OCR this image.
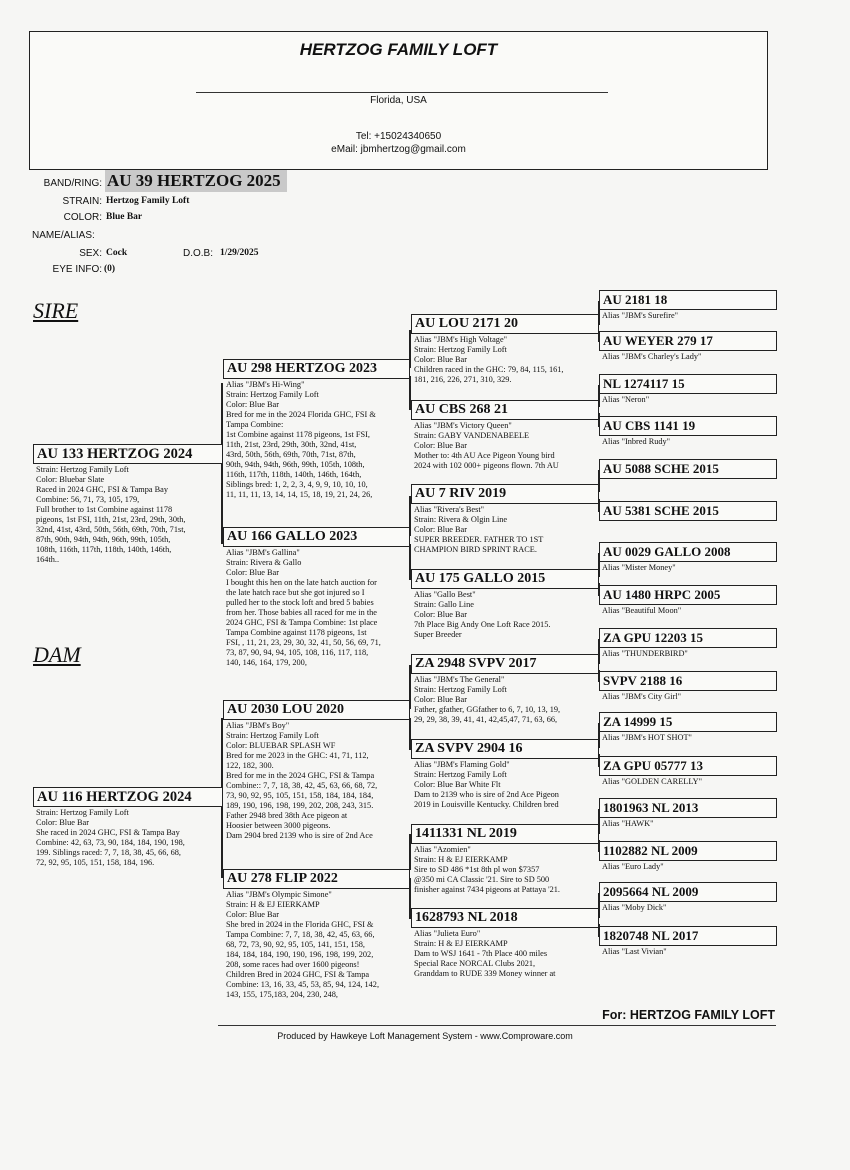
HERTZOG FAMILY LOFT
Florida, USA
Tel: +15024340650
eMail: jbmhertzog@gmail.com
BAND/RING: AU 39 HERTZOG 2025
STRAIN: Hertzog Family Loft
COLOR: Blue Bar
NAME/ALIAS:
SEX: Cock	D.O.B: 1/29/2025
EYE INFO: (0)
SIRE
DAM
AU 133 HERTZOG 2024
Strain: Hertzog Family Loft
Color: Bluebar Slate
Raced in 2024 GHC, FSI & Tampa Bay
Combine: 56, 71, 73, 105, 179,
Full brother to 1st Combine against 1178
pigeons, 1st FSI, 11th, 21st, 23rd, 29th, 30th,
32nd, 41st, 43rd, 50th, 56th, 69th, 70th, 71st,
87th, 90th, 94th, 94th, 96th, 99th, 105th,
108th, 116th, 117th, 118th, 140th, 146th,
164th..
AU 116 HERTZOG 2024
Strain: Hertzog Family Loft
Color: Blue Bar
She raced in 2024 GHC, FSI & Tampa Bay
Combine: 42, 63, 73, 90, 184, 184, 190, 198,
199. Siblings raced: 7, 7, 18, 38, 45, 66, 68,
72, 92, 95, 105, 151, 158, 184, 196.
AU 298 HERTZOG 2023
Alias "JBM's Hi-Wing"
Strain: Hertzog Family Loft
Color: Blue Bar
Bred for me in the 2024 Florida GHC, FSI &
Tampa Combine:
1st Combine against 1178 pigeons, 1st FSI,
11th, 21st, 23rd, 29th, 30th, 32nd, 41st,
43rd, 50th, 56th, 69th, 70th, 71st, 87th,
90th, 94th, 94th, 96th, 99th, 105th, 108th,
116th, 117th, 118th, 140th, 146th, 164th,
Siblings bred: 1, 2, 2, 3, 4, 9, 9, 10, 10, 10,
11, 11, 11, 13, 14, 14, 15, 18, 19, 21, 24, 26,
AU 166 GALLO 2023
Alias "JBM's Gallina"
Strain: Rivera & Gallo
Color: Blue Bar
I bought this hen on the late hatch auction for
the late hatch race but she got injured so I
pulled her to the stock loft and bred 5 babies
from her. Those babies all raced for me in the
2024 GHC, FSI & Tampa Combine: 1st place
Tampa Combine against 1178 pigeons, 1st
FSI, , 11, 21, 23, 29, 30, 32, 41, 50, 56, 69, 71,
73, 87, 90, 94, 94, 105, 108, 116, 117, 118,
140, 146, 164, 179, 200,
AU 2030 LOU 2020
Alias "JBM's Boy"
Strain: Hertzog Family Loft
Color: BLUEBAR SPLASH WF
Bred for me 2023 in the GHC: 41, 71, 112,
122, 182, 300.
Bred for me in the 2024 GHC, FSI & Tampa
Combine:: 7, 7, 18, 38, 42, 45, 63, 66, 68, 72,
73, 90, 92, 95, 105, 151, 158, 184, 184, 184,
189, 190, 196, 198, 199, 202, 208, 243, 315.
Father 2948 bred 38th Ace pigeon at
Hoosier between 3000 pigeons.
Dam 2904 bred 2139 who is sire of 2nd Ace
AU 278 FLIP 2022
Alias "JBM's Olympic Simone"
Strain: H & EJ EIERKAMP
Color: Blue Bar
She bred in 2024 in the Florida GHC, FSI &
Tampa Combine: 7, 7, 18, 38, 42, 45, 63, 66,
68, 72, 73, 90, 92, 95, 105, 141, 151, 158,
184, 184, 184, 190, 190, 196, 198, 199, 202,
208, some races had over 1600 pigeons!
Children Bred in 2024 GHC, FSI & Tampa
Combine: 13, 16, 33, 45, 53, 85, 94, 124, 142,
143, 155, 175,183, 204, 230, 248,
AU LOU 2171 20
Alias "JBM's High Voltage"
Strain: Hertzog Family Loft
Color: Blue Bar
Children raced in the GHC: 79, 84, 115, 161,
181, 216, 226, 271, 310, 329.
AU CBS 268 21
Alias "JBM's Victory Queen"
Strain: GABY VANDENABEELE
Color: Blue Bar
Mother to: 4th AU Ace Pigeon Young bird
2024 with 102 000+ pigeons flown. 7th AU
AU 7 RIV 2019
Alias "Rivera's Best"
Strain: Rivera & Olgin Line
Color: Blue Bar
SUPER BREEDER. FATHER TO 1ST
CHAMPION BIRD SPRINT RACE.
AU 175 GALLO 2015
Alias "Gallo Best"
Strain: Gallo Line
Color: Blue Bar
7th Place Big Andy One Loft Race 2015.
Super Breeder
ZA 2948 SVPV 2017
Alias "JBM's The General"
Strain: Hertzog Family Loft
Color: Blue Bar
Father, gfather, GGfather to 6, 7, 10, 13, 19,
29, 29, 38, 39, 41, 41, 42,45,47, 71, 63, 66,
ZA SVPV 2904 16
Alias "JBM's Flaming Gold"
Strain: Hertzog Family Loft
Color: Blue Bar White Flt
Dam to 2139 who is sire of 2nd Ace Pigeon
2019 in Louisville Kentucky. Children bred
1411331 NL 2019
Alias "Azomien"
Strain: H & EJ EIERKAMP
Sire to SD 486 *1st 8th pl won $7357
@350 mi CA Classic '21. Sire to SD 500
finisher against 7434 pigeons at Pattaya '21.
1628793 NL 2018
Alias "Julieta Euro"
Strain: H & EJ EIERKAMP
Dam to WSJ 1641 - 7th Place 400 miles
Special Race NORCAL Clubs 2021,
Granddam to RUDE 339 Money winner at
AU 2181 18
Alias "JBM's Surefire"
AU WEYER 279 17
Alias "JBM's Charley's Lady"
NL 1274117 15
Alias "Neron"
AU CBS 1141 19
Alias "Inbred Rudy"
AU 5088 SCHE 2015
AU 5381 SCHE 2015
AU 0029 GALLO 2008
Alias "Mister Money"
AU 1480 HRPC 2005
Alias "Beautiful Moon"
ZA GPU 12203 15
Alias "THUNDERBIRD"
SVPV 2188 16
Alias "JBM's City Girl"
ZA 14999 15
Alias "JBM's HOT SHOT"
ZA GPU 05777 13
Alias "GOLDEN CARELLY"
1801963 NL 2013
Alias "HAWK"
1102882 NL 2009
Alias "Euro Lady"
2095664 NL 2009
Alias "Moby Dick"
1820748 NL 2017
Alias "Last Vivian"
For: HERTZOG FAMILY LOFT
Produced by Hawkeye Loft Management System - www.Comproware.com
